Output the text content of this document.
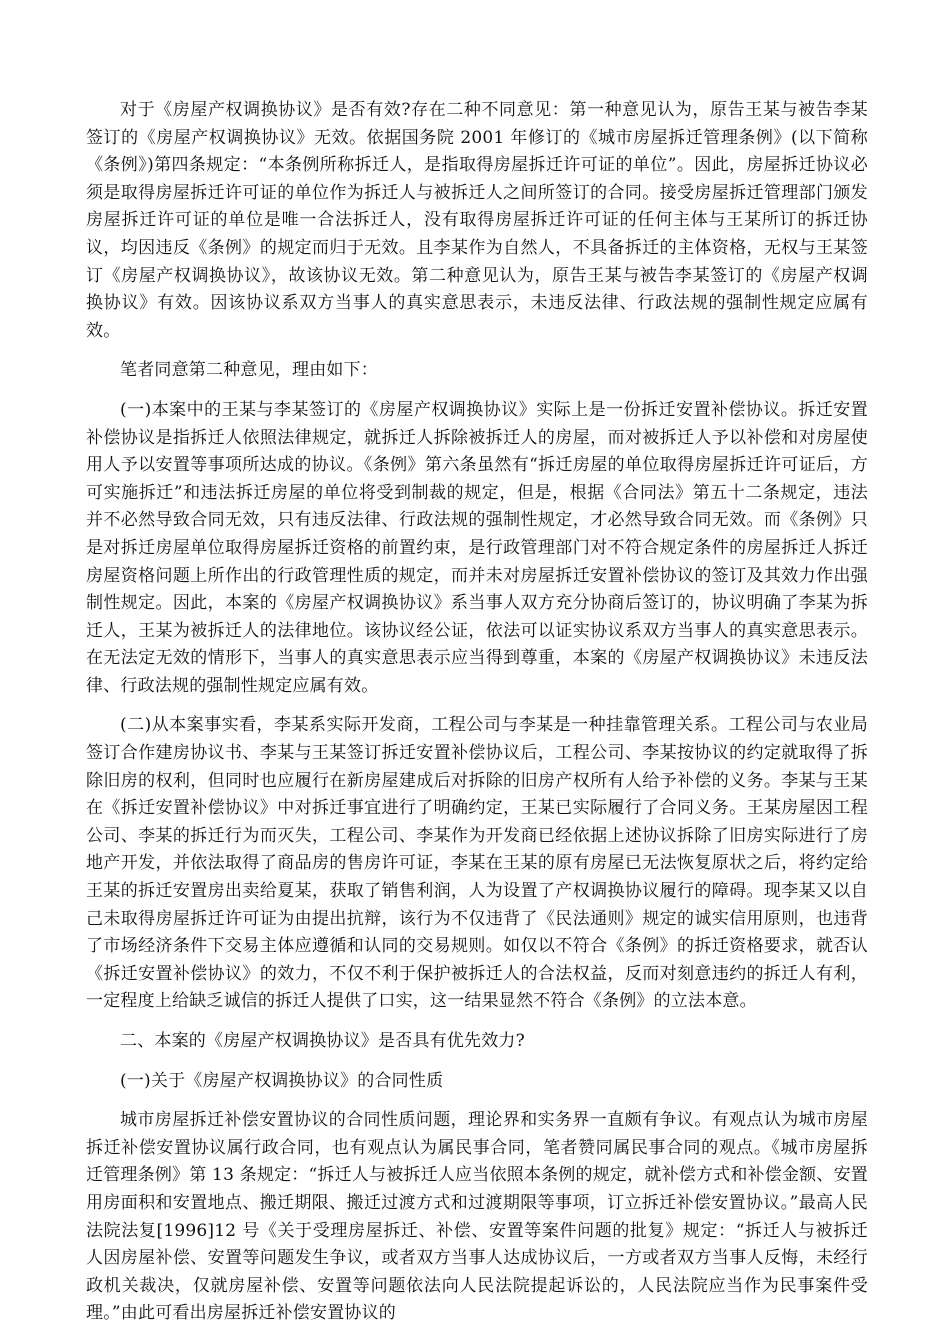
对于《房屋产权调换协议》是否有效?存在二种不同意见：第一种意见认为，原告王某与被告李某签订的《房屋产权调换协议》无效。依据国务院 2001 年修订的《城市房屋拆迁管理条例》(以下简称《条例》)第四条规定：“本条例所称拆迁人，是指取得房屋拆迁许可证的单位”。因此，房屋拆迁协议必须是取得房屋拆迁许可证的单位作为拆迁人与被拆迁人之间所签订的合同。接受房屋拆迁管理部门颁发房屋拆迁许可证的单位是唯一合法拆迁人，没有取得房屋拆迁许可证的任何主体与王某所订的拆迁协议，均因违反《条例》的规定而归于无效。且李某作为自然人，不具备拆迁的主体资格，无权与王某签订《房屋产权调换协议》，故该协议无效。第二种意见认为，原告王某与被告李某签订的《房屋产权调换协议》有效。因该协议系双方当事人的真实意思表示，未违反法律、行政法规的强制性规定应属有效。

笔者同意第二种意见，理由如下：

(一)本案中的王某与李某签订的《房屋产权调换协议》实际上是一份拆迁安置补偿协议。拆迁安置补偿协议是指拆迁人依照法律规定，就拆迁人拆除被拆迁人的房屋，而对被拆迁人予以补偿和对房屋使用人予以安置等事项所达成的协议。《条例》第六条虽然有“拆迁房屋的单位取得房屋拆迁许可证后，方可实施拆迁”和违法拆迁房屋的单位将受到制裁的规定，但是，根据《合同法》第五十二条规定，违法并不必然导致合同无效，只有违反法律、行政法规的强制性规定，才必然导致合同无效。而《条例》只是对拆迁房屋单位取得房屋拆迁资格的前置约束，是行政管理部门对不符合规定条件的房屋拆迁人拆迁房屋资格问题上所作出的行政管理性质的规定，而并未对房屋拆迁安置补偿协议的签订及其效力作出强制性规定。因此，本案的《房屋产权调换协议》系当事人双方充分协商后签订的，协议明确了李某为拆迁人，王某为被拆迁人的法律地位。该协议经公证，依法可以证实协议系双方当事人的真实意思表示。在无法定无效的情形下，当事人的真实意思表示应当得到尊重，本案的《房屋产权调换协议》未违反法律、行政法规的强制性规定应属有效。

(二)从本案事实看，李某系实际开发商，工程公司与李某是一种挂靠管理关系。工程公司与农业局签订合作建房协议书、李某与王某签订拆迁安置补偿协议后，工程公司、李某按协议的约定就取得了拆除旧房的权利，但同时也应履行在新房屋建成后对拆除的旧房产权所有人给予补偿的义务。李某与王某在《拆迁安置补偿协议》中对拆迁事宜进行了明确约定，王某已实际履行了合同义务。王某房屋因工程公司、李某的拆迁行为而灭失，工程公司、李某作为开发商已经依据上述协议拆除了旧房实际进行了房地产开发，并依法取得了商品房的售房许可证，李某在王某的原有房屋已无法恢复原状之后，将约定给王某的拆迁安置房出卖给夏某，获取了销售利润，人为设置了产权调换协议履行的障碍。现李某又以自己未取得房屋拆迁许可证为由提出抗辩，该行为不仅违背了《民法通则》规定的诚实信用原则，也违背了市场经济条件下交易主体应遵循和认同的交易规则。如仅以不符合《条例》的拆迁资格要求，就否认《拆迁安置补偿协议》的效力，不仅不利于保护被拆迁人的合法权益，反而对刻意违约的拆迁人有利，一定程度上给缺乏诚信的拆迁人提供了口实，这一结果显然不符合《条例》的立法本意。

二、本案的《房屋产权调换协议》是否具有优先效力?

(一)关于《房屋产权调换协议》的合同性质

城市房屋拆迁补偿安置协议的合同性质问题，理论界和实务界一直颇有争议。有观点认为城市房屋拆迁补偿安置协议属行政合同，也有观点认为属民事合同，笔者赞同属民事合同的观点。《城市房屋拆迁管理条例》第 13 条规定：“拆迁人与被拆迁人应当依照本条例的规定，就补偿方式和补偿金额、安置用房面积和安置地点、搬迁期限、搬迁过渡方式和过渡期限等事项，订立拆迁补偿安置协议。”最高人民法院法复[1996]12 号《关于受理房屋拆迁、补偿、安置等案件问题的批复》规定：“拆迁人与被拆迁人因房屋补偿、安置等问题发生争议，或者双方当事人达成协议后，一方或者双方当事人反悔，未经行政机关裁决，仅就房屋补偿、安置等问题依法向人民法院提起诉讼的，人民法院应当作为民事案件受理。”由此可看出房屋拆迁补偿安置协议的
